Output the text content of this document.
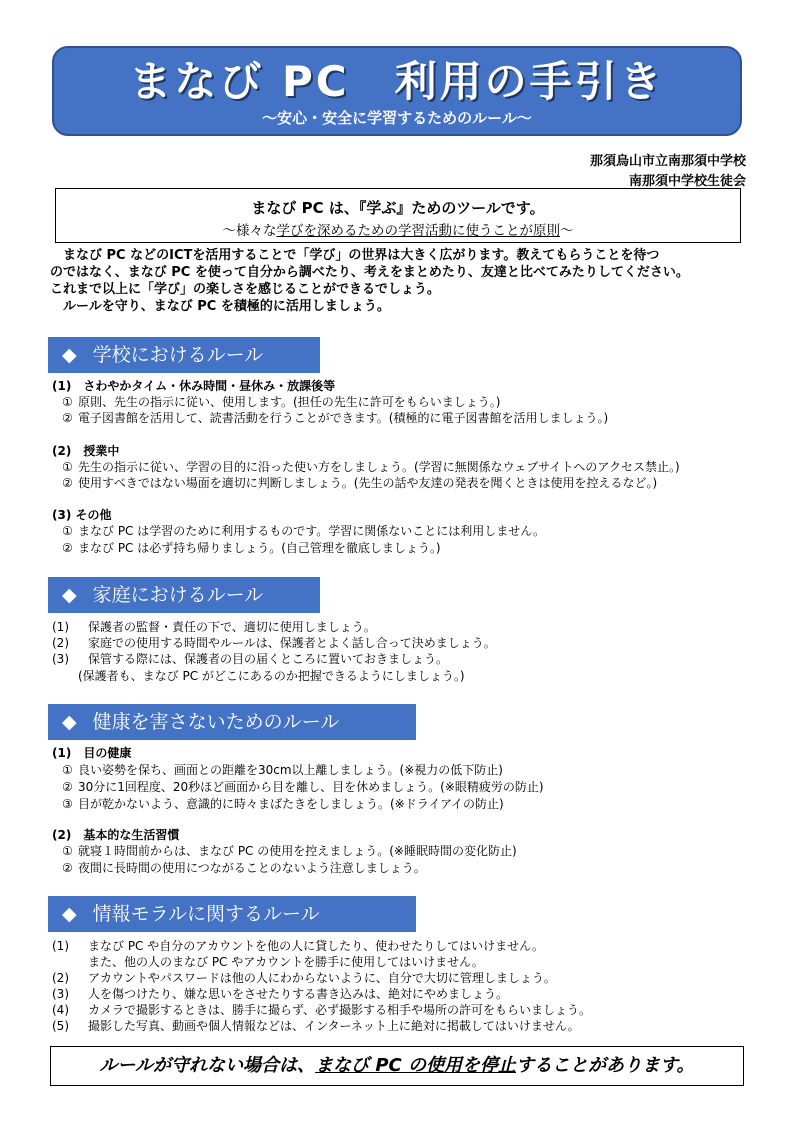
まなび PC　利用の手引き
～安心・安全に学習するためのルール～
那須烏山市立南那須中学校
南那須中学校生徒会
まなび PC は、『学ぶ』ためのツールです。
～様々な学びを深めるための学習活動に使うことが原則～
　まなび PC などのICTを活用することで「学び」の世界は大きく広がります。教えてもらうことを待つ
のではなく、まなび PC を使って自分から調べたり、考えをまとめたり、友達と比べてみたりしてください。
これまで以上に「学び」の楽しさを感じることができるでしょう。
　ルールを守り、まなび PC を積極的に活用しましょう。
◆ 学校におけるルール
(1)　さわやかタイム・休み時間・昼休み・放課後等
① 原則、先生の指示に従い、使用します。(担任の先生に許可をもらいましょう。)
② 電子図書館を活用して、読書活動を行うことができます。(積極的に電子図書館を活用しましょう。)
(2)　授業中
① 先生の指示に従い、学習の目的に沿った使い方をしましょう。(学習に無関係なウェブサイトへのアクセス禁止。)
② 使用すべきではない場面を適切に判断しましょう。(先生の話や友達の発表を聞くときは使用を控えるなど。)
(3) その他
① まなび PC は学習のために利用するものです。学習に関係ないことには利用しません。
② まなび PC は必ず持ち帰りましょう。(自己管理を徹底しましょう。)
◆ 家庭におけるルール
(1) 保護者の監督・責任の下で、適切に使用しましょう。
(2) 家庭での使用する時間やルールは、保護者とよく話し合って決めましょう。
(3) 保管する際には、保護者の目の届くところに置いておきましょう。
(保護者も、まなび PC がどこにあるのか把握できるようにしましょう。)
◆ 健康を害さないためのルール
(1)　目の健康
① 良い姿勢を保ち、画面との距離を30cm以上離しましょう。(※視力の低下防止)
② 30分に1回程度、20秒ほど画面から目を離し、目を休めましょう。(※眼精疲労の防止)
③ 目が乾かないよう、意識的に時々まばたきをしましょう。(※ドライアイの防止)
(2)　基本的な生活習慣
① 就寝１時間前からは、まなび PC の使用を控えましょう。(※睡眠時間の変化防止)
② 夜間に長時間の使用につながることのないよう注意しましょう。
◆ 情報モラルに関するルール
(1) まなび PC や自分のアカウントを他の人に貸したり、使わせたりしてはいけません。
また、他の人のまなび PC やアカウントを勝手に使用してはいけません。
(2) アカウントやパスワードは他の人にわからないように、自分で大切に管理しましょう。
(3) 人を傷つけたり、嫌な思いをさせたりする書き込みは、絶対にやめましょう。
(4) カメラで撮影するときは、勝手に撮らず、必ず撮影する相手や場所の許可をもらいましょう。
(5) 撮影した写真、動画や個人情報などは、インターネット上に絶対に掲載してはいけません。
ルールが守れない場合は、まなび PC の使用を停止することがあります。
